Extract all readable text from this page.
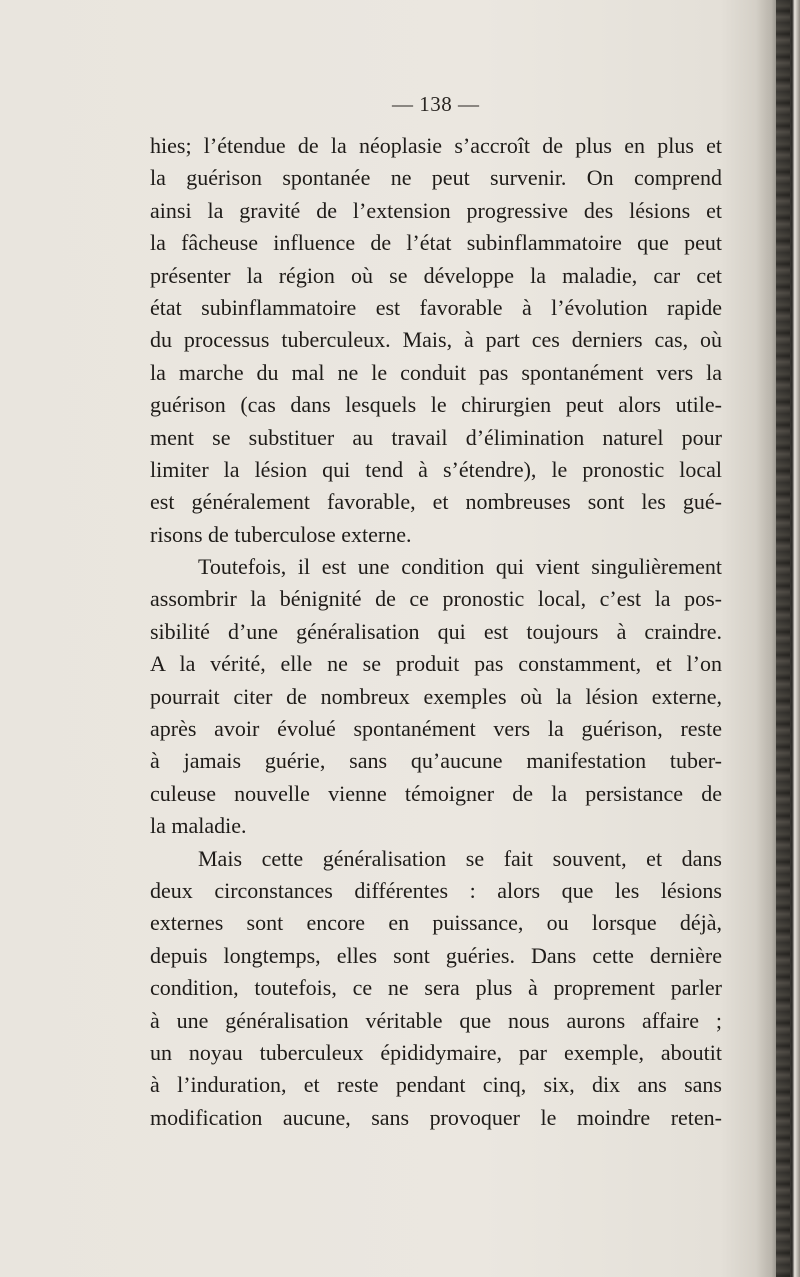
— 138 —
hies; l’étendue de la néoplasie s’accroît de plus en plus et
la guérison spontanée ne peut survenir. On comprend
ainsi la gravité de l’extension progressive des lésions et
la fâcheuse influence de l’état subinflammatoire que peut
présenter la région où se développe la maladie, car cet
état subinflammatoire est favorable à l’évolution rapide
du processus tuberculeux. Mais, à part ces derniers cas, où
la marche du mal ne le conduit pas spontanément vers la
guérison (cas dans lesquels le chirurgien peut alors utile-
ment se substituer au travail d’élimination naturel pour
limiter la lésion qui tend à s’étendre), le pronostic local
est généralement favorable, et nombreuses sont les gué-
risons de tuberculose externe.
Toutefois, il est une condition qui vient singulièrement
assombrir la bénignité de ce pronostic local, c’est la pos-
sibilité d’une généralisation qui est toujours à craindre.
A la vérité, elle ne se produit pas constamment, et l’on
pourrait citer de nombreux exemples où la lésion externe,
après avoir évolué spontanément vers la guérison, reste
à jamais guérie, sans qu’aucune manifestation tuber-
culeuse nouvelle vienne témoigner de la persistance de
la maladie.
Mais cette généralisation se fait souvent, et dans
deux circonstances différentes : alors que les lésions
externes sont encore en puissance, ou lorsque déjà,
depuis longtemps, elles sont guéries. Dans cette dernière
condition, toutefois, ce ne sera plus à proprement parler
à une généralisation véritable que nous aurons affaire ;
un noyau tuberculeux épididymaire, par exemple, aboutit
à l’induration, et reste pendant cinq, six, dix ans sans
modification aucune, sans provoquer le moindre reten-
